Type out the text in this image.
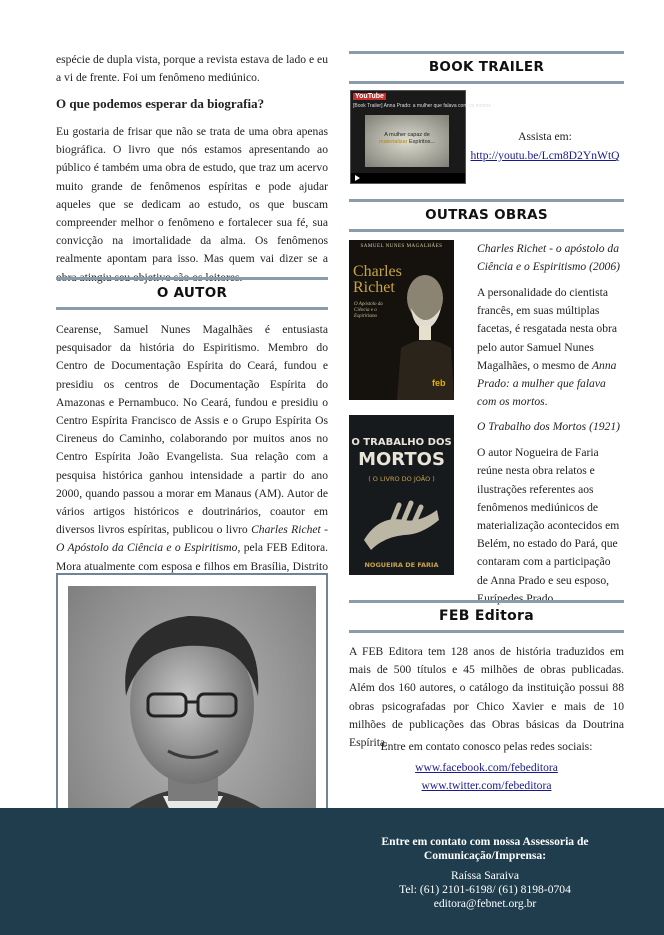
espécie de dupla vista, porque a revista estava de lado e eu a vi de frente. Foi um fenômeno mediúnico.

O que podemos esperar da biografia?

Eu gostaria de frisar que não se trata de uma obra apenas biográfica. O livro que nós estamos apresentando ao público é também uma obra de estudo, que traz um acervo muito grande de fenômenos espíritas e pode ajudar aqueles que se dedicam ao estudo, os que buscam compreender melhor o fenômeno e fortalecer sua fé, sua convicção na imortalidade da alma. Os fenômenos realmente apontam para isso. Mas quem vai dizer se a obra atingiu seu objetivo são os leitores.

O AUTOR

Cearense, Samuel Nunes Magalhães é entusiasta pesquisador da história do Espiritismo. Membro do Centro de Documentação Espírita do Ceará, fundou e presidiu os centros de Documentação Espírita do Amazonas e Pernambuco. No Ceará, fundou e presidiu o Centro Espírita Francisco de Assis e o Grupo Espírita Os Cireneus do Caminho, colaborando por muitos anos no Centro Espírita João Evangelista. Sua relação com a pesquisa histórica ganhou intensidade a partir do ano 2000, quando passou a morar em Manaus (AM). Autor de vários artigos históricos e doutrinários, coautor em diversos livros espíritas, publicou o livro Charles Richet - O Apóstolo da Ciência e o Espiritismo, pela FEB Editora. Mora atualmente com esposa e filhos em Brasília, Distrito

BOOK TRAILER
YouTube
[Book Trailer] Anna Prado: a mulher que falava com os mortos
A mulher capaz de
materializar Espíritos...	Assista em:
http://youtu.be/Lcm8D2YnWtQ
OUTRAS OBRAS
SAMUEL NUNES MAGALHÃES
Charles
Richet
O Apóstolo da Ciência e o Espiritismo
feb

Charles Richet - o apóstolo da Ciência e o Espiritismo (2006)

A personalidade do cientista francês, em suas múltiplas facetas, é resgatada nesta obra pelo autor Samuel Nunes Magalhães, o mesmo de Anna Prado: a mulher que falava com os mortos.

O TRABALHO DOS
MORTOS
( O LIVRO DO JOÃO )
NOGUEIRA DE FARIA

O Trabalho dos Mortos (1921)

O autor Nogueira de Faria reúne nesta obra relatos e ilustrações referentes aos fenômenos mediúnicos de materialização acontecidos em Belém, no estado do Pará, que contaram com a participação de Anna Prado e seu esposo, Eurípedes Prado.

FEB Editora

A FEB Editora tem 128 anos de história traduzidos em mais de 500 títulos e 45 milhões de obras publicadas. Além dos 160 autores, o catálogo da instituição possui 88 obras psicografadas por Chico Xavier e mais de 10 milhões de publicações das Obras básicas da Doutrina Espírita.

Entre em contato conosco pelas redes sociais:
www.facebook.com/febeditora
www.twitter.com/febeditora
Entre em contato com nossa Assessoria de
Comunicação/Imprensa:
Raíssa Saraiva
Tel: (61) 2101-6198/ (61) 8198-0704
editora@febnet.org.br
